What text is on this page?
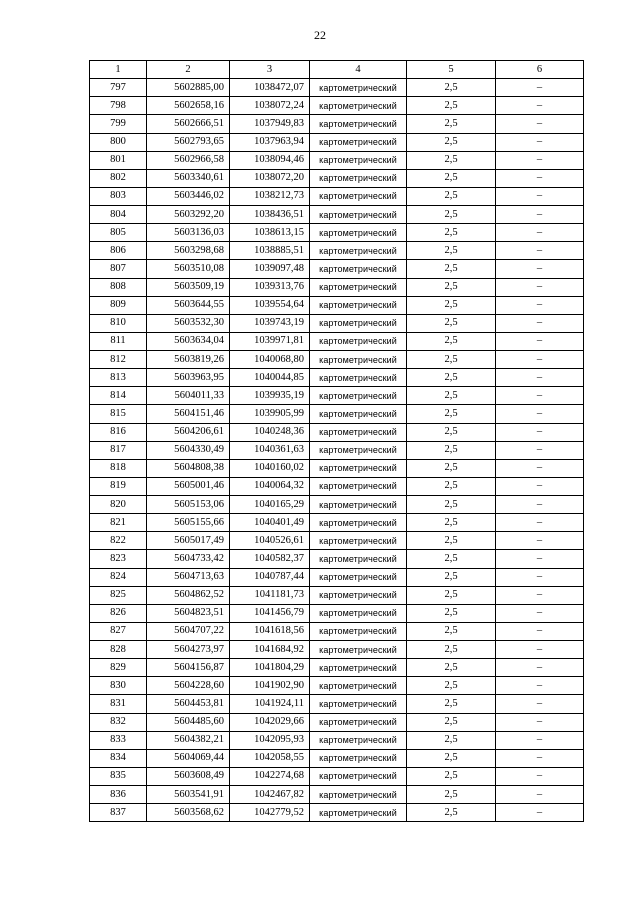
22
1	2	3	4	5	6
797	5602885,00	1038472,07	картометрический	2,5	–
798	5602658,16	1038072,24	картометрический	2,5	–
799	5602666,51	1037949,83	картометрический	2,5	–
800	5602793,65	1037963,94	картометрический	2,5	–
801	5602966,58	1038094,46	картометрический	2,5	–
802	5603340,61	1038072,20	картометрический	2,5	–
803	5603446,02	1038212,73	картометрический	2,5	–
804	5603292,20	1038436,51	картометрический	2,5	–
805	5603136,03	1038613,15	картометрический	2,5	–
806	5603298,68	1038885,51	картометрический	2,5	–
807	5603510,08	1039097,48	картометрический	2,5	–
808	5603509,19	1039313,76	картометрический	2,5	–
809	5603644,55	1039554,64	картометрический	2,5	–
810	5603532,30	1039743,19	картометрический	2,5	–
811	5603634,04	1039971,81	картометрический	2,5	–
812	5603819,26	1040068,80	картометрический	2,5	–
813	5603963,95	1040044,85	картометрический	2,5	–
814	5604011,33	1039935,19	картометрический	2,5	–
815	5604151,46	1039905,99	картометрический	2,5	–
816	5604206,61	1040248,36	картометрический	2,5	–
817	5604330,49	1040361,63	картометрический	2,5	–
818	5604808,38	1040160,02	картометрический	2,5	–
819	5605001,46	1040064,32	картометрический	2,5	–
820	5605153,06	1040165,29	картометрический	2,5	–
821	5605155,66	1040401,49	картометрический	2,5	–
822	5605017,49	1040526,61	картометрический	2,5	–
823	5604733,42	1040582,37	картометрический	2,5	–
824	5604713,63	1040787,44	картометрический	2,5	–
825	5604862,52	1041181,73	картометрический	2,5	–
826	5604823,51	1041456,79	картометрический	2,5	–
827	5604707,22	1041618,56	картометрический	2,5	–
828	5604273,97	1041684,92	картометрический	2,5	–
829	5604156,87	1041804,29	картометрический	2,5	–
830	5604228,60	1041902,90	картометрический	2,5	–
831	5604453,81	1041924,11	картометрический	2,5	–
832	5604485,60	1042029,66	картометрический	2,5	–
833	5604382,21	1042095,93	картометрический	2,5	–
834	5604069,44	1042058,55	картометрический	2,5	–
835	5603608,49	1042274,68	картометрический	2,5	–
836	5603541,91	1042467,82	картометрический	2,5	–
837	5603568,62	1042779,52	картометрический	2,5	–
